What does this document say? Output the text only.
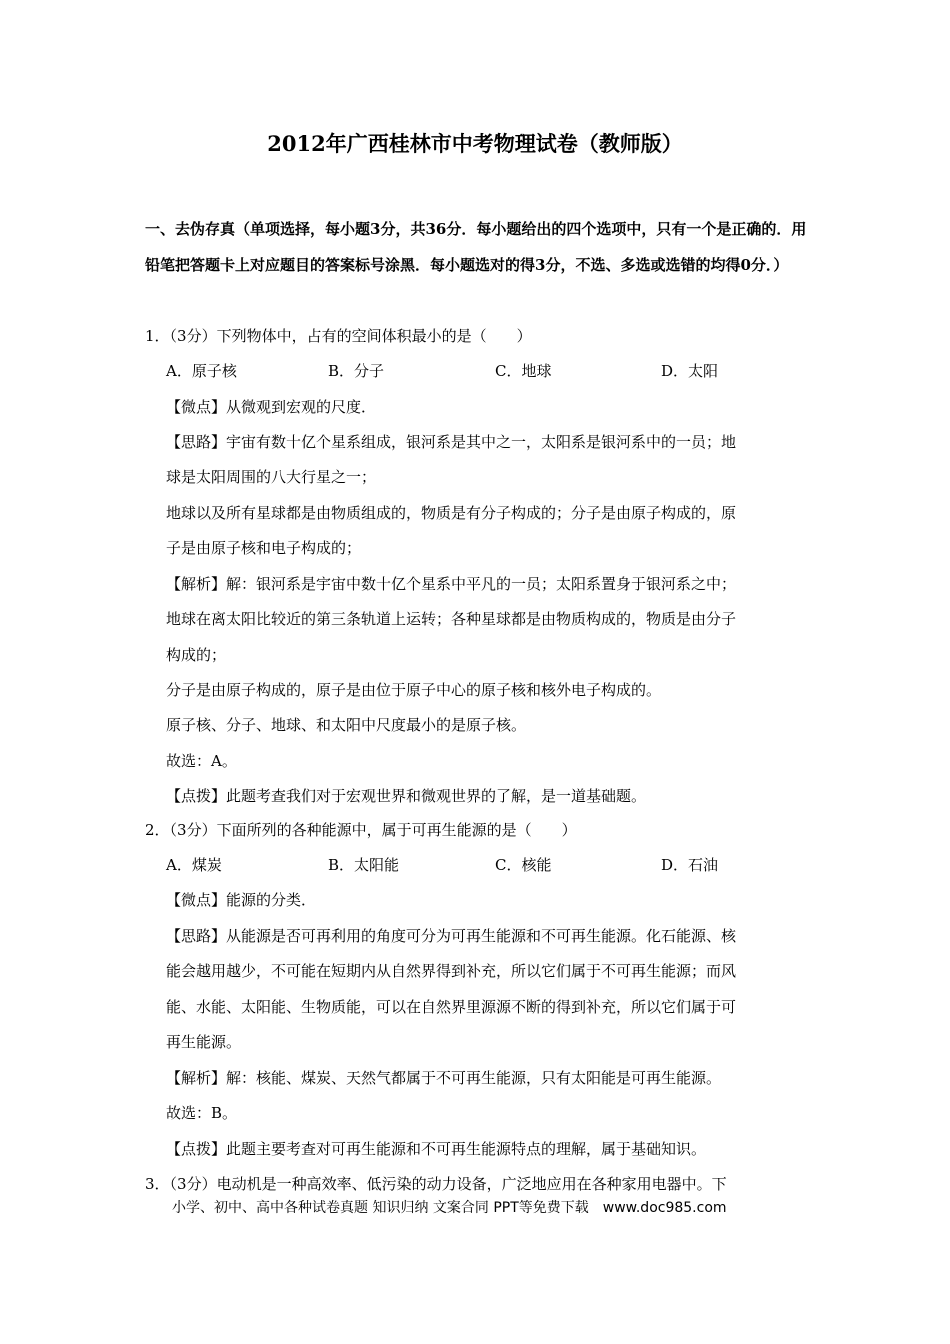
2012年广西桂林市中考物理试卷（教师版）
一、去伪存真（单项选择，每小题3分，共36分．每小题给出的四个选项中，只有一个是正确的．用铅笔把答题卡上对应题目的答案标号涂黑．每小题选对的得3分，不选、多选或选错的均得0分．）
1．（3分）下列物体中，占有的空间体积最小的是（　　）
A．原子核	B．分子	C．地球	D．太阳
【微点】从微观到宏观的尺度．
【思路】宇宙有数十亿个星系组成，银河系是其中之一，太阳系是银河系中的一员；地
球是太阳周围的八大行星之一；
地球以及所有星球都是由物质组成的，物质是有分子构成的；分子是由原子构成的，原
子是由原子核和电子构成的；
【解析】解：银河系是宇宙中数十亿个星系中平凡的一员；太阳系置身于银河系之中；
地球在离太阳比较近的第三条轨道上运转；各种星球都是由物质构成的，物质是由分子
构成的；
分子是由原子构成的，原子是由位于原子中心的原子核和核外电子构成的。
原子核、分子、地球、和太阳中尺度最小的是原子核。
故选：A。
【点拨】此题考查我们对于宏观世界和微观世界的了解，是一道基础题。
2．（3分）下面所列的各种能源中，属于可再生能源的是（　　）
A．煤炭	B．太阳能	C．核能	D．石油
【微点】能源的分类．
【思路】从能源是否可再利用的角度可分为可再生能源和不可再生能源。化石能源、核
能会越用越少，不可能在短期内从自然界得到补充，所以它们属于不可再生能源；而风
能、水能、太阳能、生物质能，可以在自然界里源源不断的得到补充，所以它们属于可
再生能源。
【解析】解：核能、煤炭、天然气都属于不可再生能源，只有太阳能是可再生能源。
故选：B。
【点拨】此题主要考查对可再生能源和不可再生能源特点的理解，属于基础知识。
3．（3分）电动机是一种高效率、低污染的动力设备，广泛地应用在各种家用电器中。下
小学、初中、高中各种试卷真题 知识归纳 文案合同 PPT等免费下载　www.doc985.com
